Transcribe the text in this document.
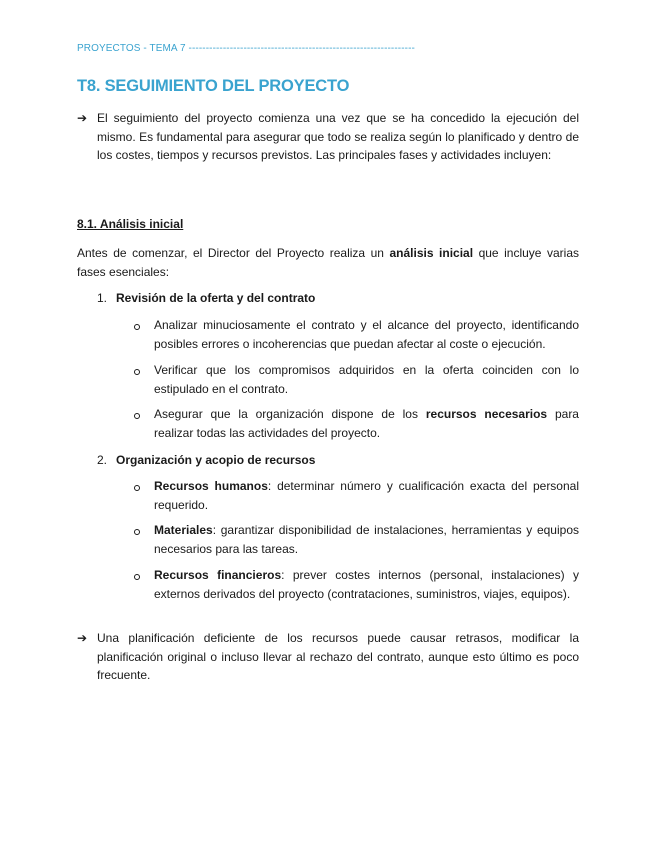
PROYECTOS - TEMA 7 ------------------------------------------------------------------
T8. SEGUIMIENTO DEL PROYECTO
➔ El seguimiento del proyecto comienza una vez que se ha concedido la ejecución del mismo. Es fundamental para asegurar que todo se realiza según lo planificado y dentro de los costes, tiempos y recursos previstos. Las principales fases y actividades incluyen:

8.1. Análisis inicial

Antes de comenzar, el Director del Proyecto realiza un análisis inicial que incluye varias fases esenciales:

1. Revisión de la oferta y del contrato

Analizar minuciosamente el contrato y el alcance del proyecto, identificando posibles errores o incoherencias que puedan afectar al coste o ejecución.

Verificar que los compromisos adquiridos en la oferta coinciden con lo estipulado en el contrato.

Asegurar que la organización dispone de los recursos necesarios para realizar todas las actividades del proyecto.

2. Organización y acopio de recursos

Recursos humanos: determinar número y cualificación exacta del personal requerido.

Materiales: garantizar disponibilidad de instalaciones, herramientas y equipos necesarios para las tareas.

Recursos financieros: prever costes internos (personal, instalaciones) y externos derivados del proyecto (contrataciones, suministros, viajes, equipos).

➔ Una planificación deficiente de los recursos puede causar retrasos, modificar la planificación original o incluso llevar al rechazo del contrato, aunque esto último es poco frecuente.
